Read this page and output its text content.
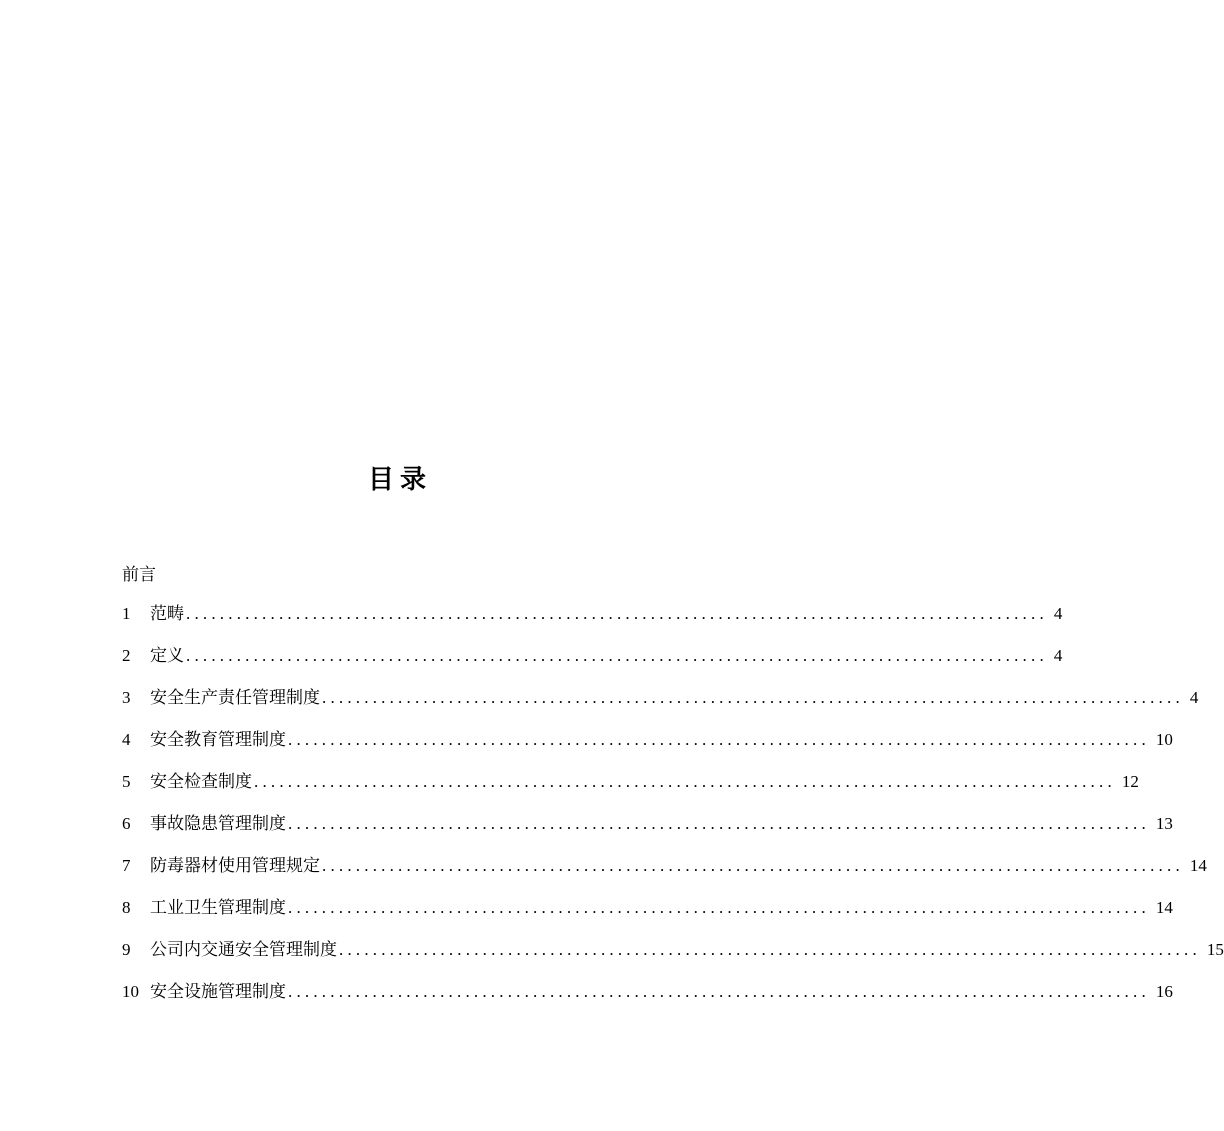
目录
前言
1	范畴 ...................................................................................................... 4
2	定义 ...................................................................................................... 4
3	安全生产责任管理制度 ...................................................................................................... 4
4	安全教育管理制度 ...................................................................................................... 10
5	安全检查制度 ...................................................................................................... 12
6	事故隐患管理制度 ...................................................................................................... 13
7	防毒器材使用管理规定 ...................................................................................................... 14
8	工业卫生管理制度 ...................................................................................................... 14
9	公司内交通安全管理制度 ...................................................................................................... 15
10 安全设施管理制度 ...................................................................................................... 16
